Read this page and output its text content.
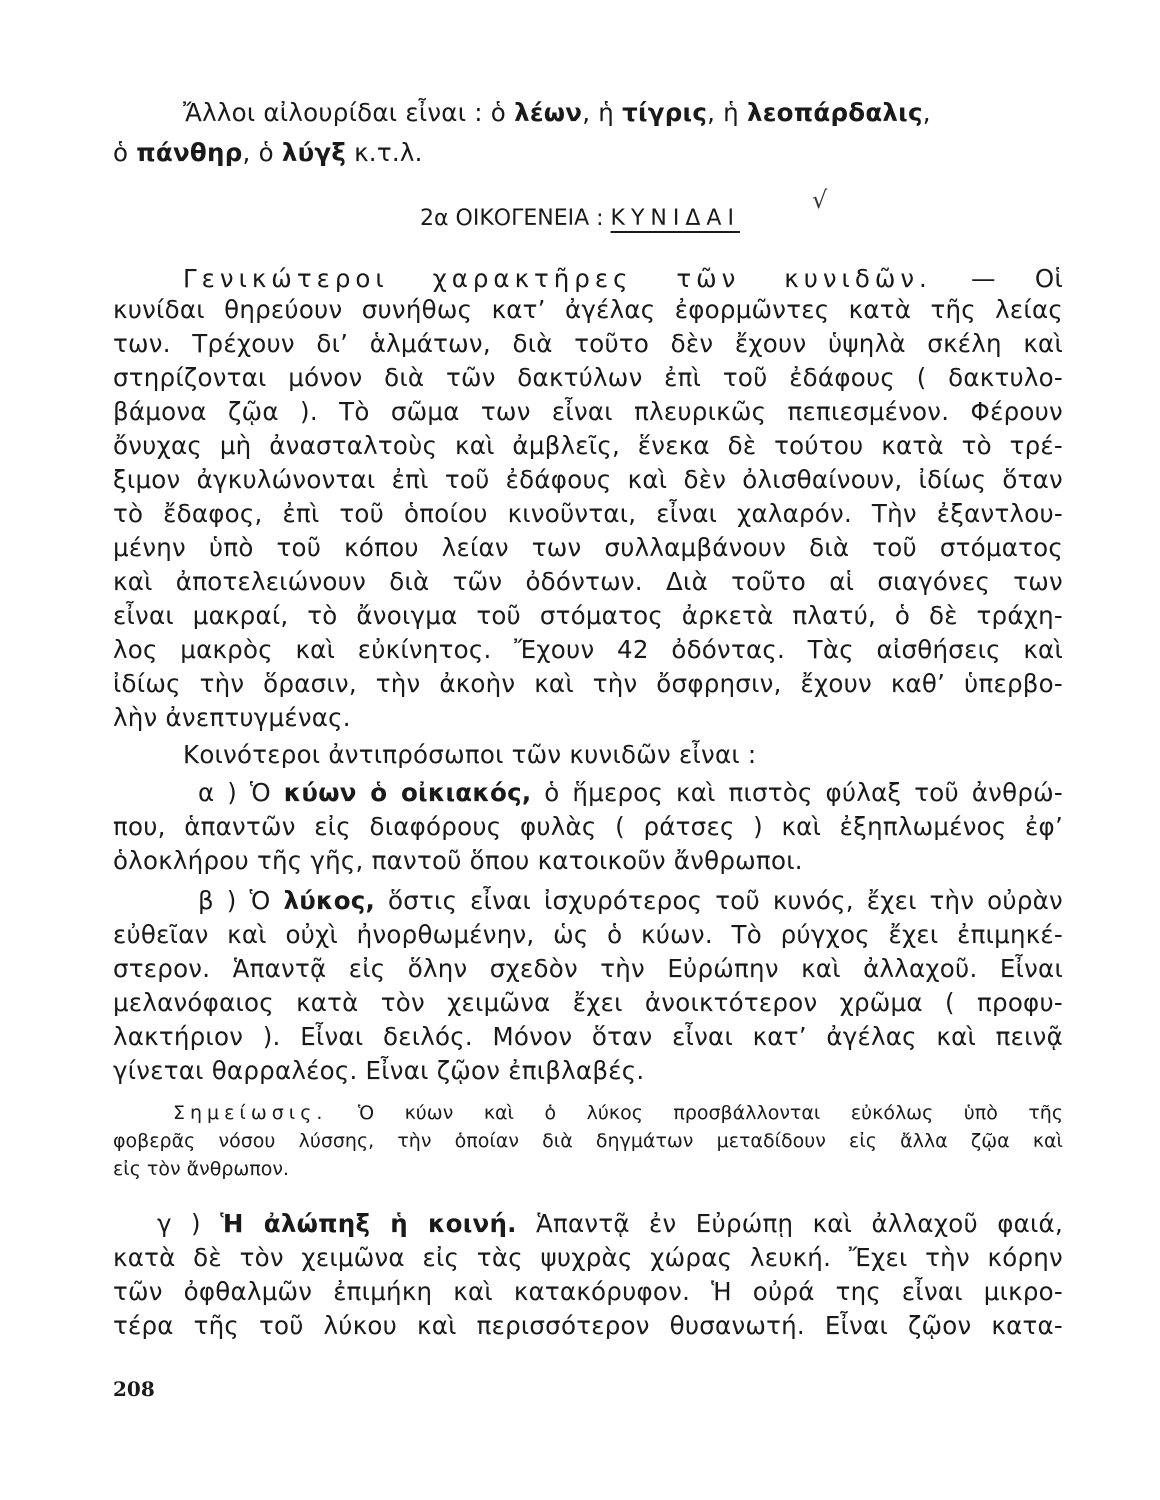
Ἄλλοι αἰλουρίδαι εἶναι : ὁ λέων, ἡ τίγρις, ἡ λεοπάρδαλις,
ὁ πάνθηρ, ὁ λύγξ κ.τ.λ.
2α ΟΙΚΟΓΕΝΕΙΑ : ΚΥΝΙΔΑΙ
√
Γενικώτεροι χαρακτῆρες τῶν κυνιδῶν. — Οἱ
κυνίδαι θηρεύουν συνήθως κατ’ ἀγέλας ἐφορμῶντες κατὰ τῆς λείας
των. Τρέχουν δι’ ἁλμάτων, διὰ τοῦτο δὲν ἔχουν ὑψηλὰ σκέλη καὶ
στηρίζονται μόνον διὰ τῶν δακτύλων ἐπὶ τοῦ ἐδάφους ( δακτυλο-
βάμονα ζῷα ). Τὸ σῶμα των εἶναι πλευρικῶς πεπιεσμένον. Φέρουν
ὄνυχας μὴ ἀνασταλτοὺς καὶ ἀμβλεῖς, ἕνεκα δὲ τούτου κατὰ τὸ τρέ-
ξιμον ἀγκυλώνονται ἐπὶ τοῦ ἐδάφους καὶ δὲν ὀλισθαίνουν, ἰδίως ὅταν
τὸ ἔδαφος, ἐπὶ τοῦ ὁποίου κινοῦνται, εἶναι χαλαρόν. Τὴν ἐξαντλου-
μένην ὑπὸ τοῦ κόπου λείαν των συλλαμβάνουν διὰ τοῦ στόματος
καὶ ἀποτελειώνουν διὰ τῶν ὀδόντων. Διὰ τοῦτο αἱ σιαγόνες των
εἶναι μακραί, τὸ ἄνοιγμα τοῦ στόματος ἀρκετὰ πλατύ, ὁ δὲ τράχη-
λος μακρὸς καὶ εὐκίνητος. Ἔχουν 42 ὀδόντας. Τὰς αἰσθήσεις καὶ
ἰδίως τὴν ὅρασιν, τὴν ἀκοὴν καὶ τὴν ὄσφρησιν, ἔχουν καθ’ ὑπερβο-
λὴν ἀνεπτυγμένας.
Κοινότεροι ἀντιπρόσωποι τῶν κυνιδῶν εἶναι :
α ) Ὁ κύων ὁ οἰκιακός, ὁ ἥμερος καὶ πιστὸς φύλαξ τοῦ ἀνθρώ-
που, ἁπαντῶν εἰς διαφόρους φυλὰς ( ράτσες ) καὶ ἐξηπλωμένος ἐφ’
ὁλοκλήρου τῆς γῆς, παντοῦ ὅπου κατοικοῦν ἄνθρωποι.
β ) Ὁ λύκος, ὅστις εἶναι ἰσχυρότερος τοῦ κυνός, ἔχει τὴν οὐρὰν
εὐθεῖαν καὶ οὐχὶ ἠνορθωμένην, ὡς ὁ κύων. Τὸ ρύγχος ἔχει ἐπιμηκέ-
στερον. Ἁπαντᾷ εἰς ὅλην σχεδὸν τὴν Εὐρώπην καὶ ἀλλαχοῦ. Εἶναι
μελανόφαιος κατὰ τὸν χειμῶνα ἔχει ἀνοικτότερον χρῶμα ( προφυ-
λακτήριον ). Εἶναι δειλός. Μόνον ὅταν εἶναι κατ’ ἀγέλας καὶ πεινᾷ
γίνεται θαρραλέος. Εἶναι ζῷον ἐπιβλαβές.
Σημείωσις. Ὁ κύων καὶ ὁ λύκος προσβάλλονται εὐκόλως ὑπὸ τῆς
φοβερᾶς νόσου λύσσης, τὴν ὁποίαν διὰ δηγμάτων μεταδίδουν εἰς ἄλλα ζῷα καὶ
εἰς τὸν ἄνθρωπον.
γ ) Ἡ ἀλώπηξ ἡ κοινή. Ἁπαντᾷ ἐν Εὐρώπῃ καὶ ἀλλαχοῦ φαιά,
κατὰ δὲ τὸν χειμῶνα εἰς τὰς ψυχρὰς χώρας λευκή. Ἔχει τὴν κόρην
τῶν ὀφθαλμῶν ἐπιμήκη καὶ κατακόρυφον. Ἡ οὐρά της εἶναι μικρο-
τέρα τῆς τοῦ λύκου καὶ περισσότερον θυσανωτή. Εἶναι ζῷον κατα-
208
